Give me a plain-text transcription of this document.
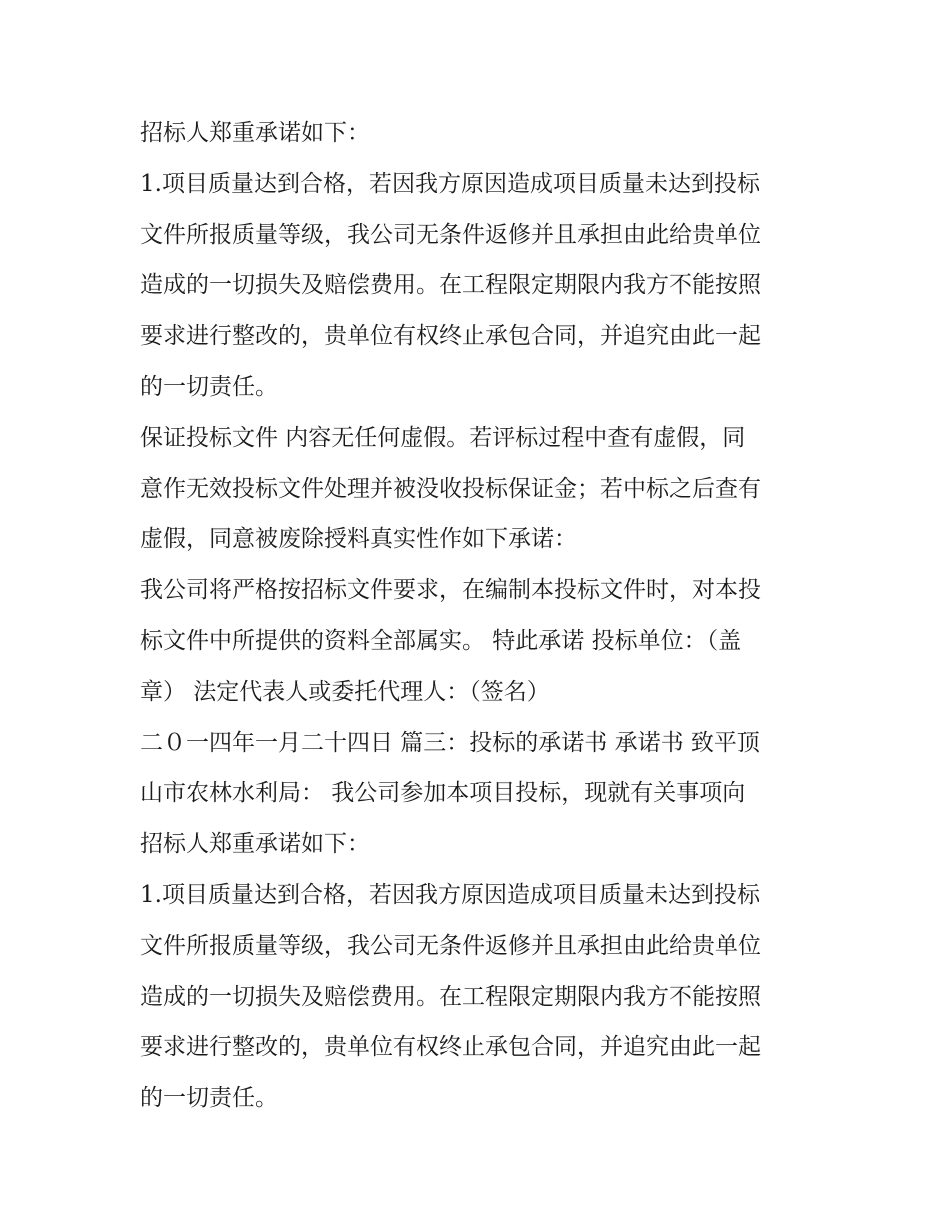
招标人郑重承诺如下：
1.项目质量达到合格，若因我方原因造成项目质量未达到投标
文件所报质量等级，我公司无条件返修并且承担由此给贵单位
造成的一切损失及赔偿费用。在工程限定期限内我方不能按照
要求进行整改的，贵单位有权终止承包合同，并追究由此一起
的一切责任。
保证投标文件 内容无任何虚假。若评标过程中查有虚假，同
意作无效投标文件处理并被没收投标保证金；若中标之后查有
虚假，同意被废除授料真实性作如下承诺：
我公司将严格按招标文件要求，在编制本投标文件时，对本投
标文件中所提供的资料全部属实。 特此承诺 投标单位：（盖
章） 法定代表人或委托代理人：（签名）
二０一四年一月二十四日 篇三：投标的承诺书 承诺书 致平顶
山市农林水利局： 我公司参加本项目投标，现就有关事项向
招标人郑重承诺如下：
1.项目质量达到合格，若因我方原因造成项目质量未达到投标
文件所报质量等级，我公司无条件返修并且承担由此给贵单位
造成的一切损失及赔偿费用。在工程限定期限内我方不能按照
要求进行整改的，贵单位有权终止承包合同，并追究由此一起
的一切责任。
